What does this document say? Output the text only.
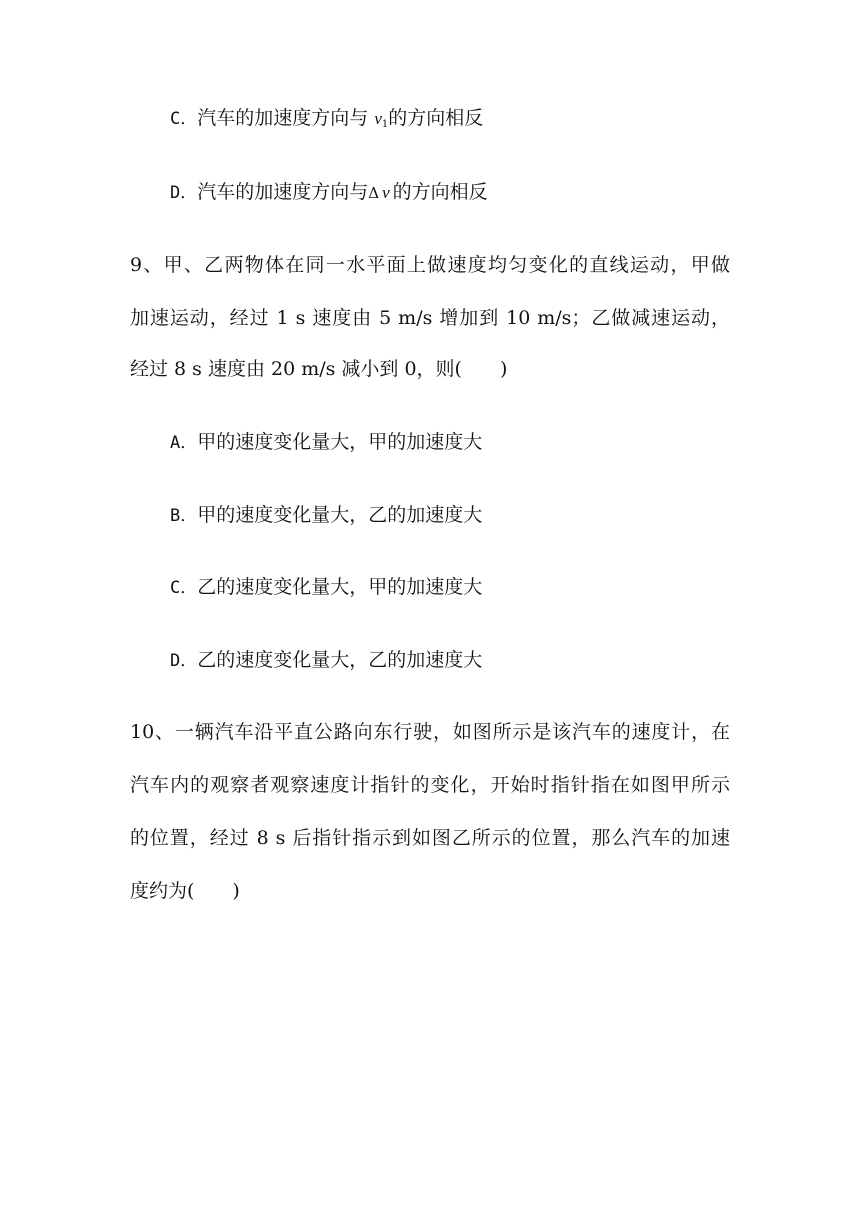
C．汽车的加速度方向与 $v_1$的方向相反
D．汽车的加速度方向与Δ v 的方向相反
9、甲、乙两物体在同一水平面上做速度均匀变化的直线运动，甲做
加速运动，经过 1 s 速度由 5 m/s 增加到 10 m/s；乙做减速运动，
经过 8 s 速度由 20 m/s 减小到 0，则(　　)
A．甲的速度变化量大，甲的加速度大
B．甲的速度变化量大，乙的加速度大
C．乙的速度变化量大，甲的加速度大
D．乙的速度变化量大，乙的加速度大
10、一辆汽车沿平直公路向东行驶，如图所示是该汽车的速度计，在
汽车内的观察者观察速度计指针的变化，开始时指针指在如图甲所示
的位置，经过 8 s 后指针指示到如图乙所示的位置，那么汽车的加速
度约为(　　)
